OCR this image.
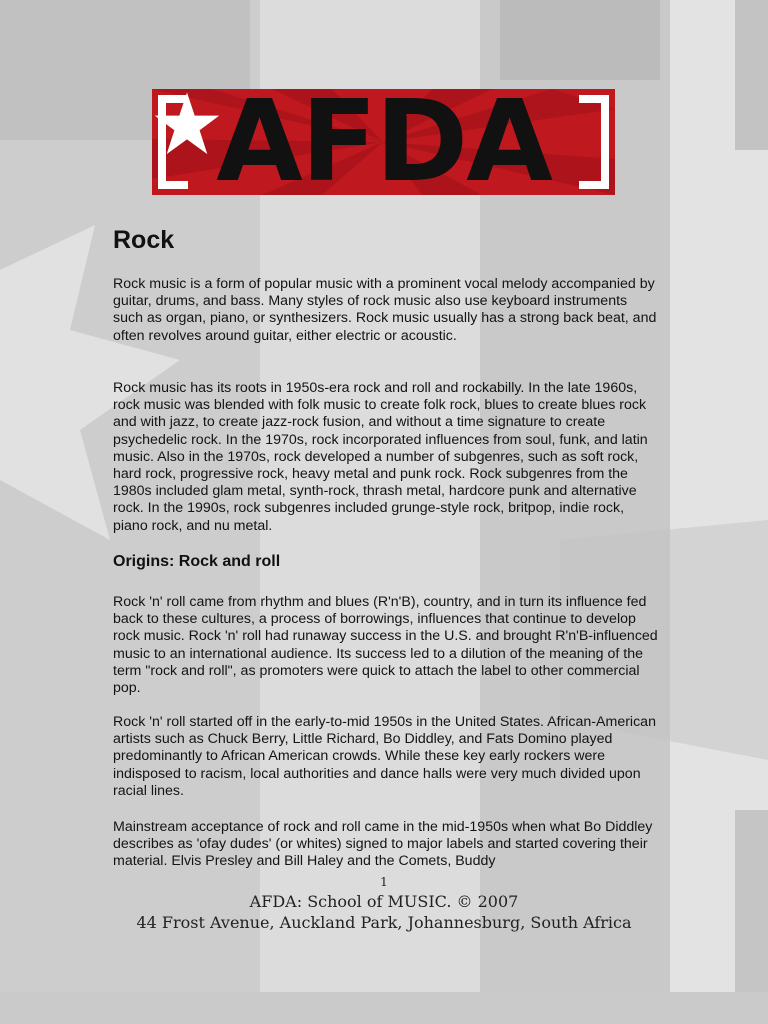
AFDA
Rock

Rock music is a form of popular music with a prominent vocal melody accompanied by guitar, drums, and bass. Many styles of rock music also use keyboard instruments such as organ, piano, or synthesizers. Rock music usually has a strong back beat, and often revolves around guitar, either electric or acoustic.

Rock music has its roots in 1950s-era rock and roll and rockabilly. In the late 1960s, rock music was blended with folk music to create folk rock, blues to create blues rock and with jazz, to create jazz-rock fusion, and without a time signature to create psychedelic rock. In the 1970s, rock incorporated influences from soul, funk, and latin music. Also in the 1970s, rock developed a number of subgenres, such as soft rock, hard rock, progressive rock, heavy metal and punk rock. Rock subgenres from the 1980s included glam metal, synth-rock, thrash metal, hardcore punk and alternative rock. In the 1990s, rock subgenres included grunge-style rock, britpop, indie rock, piano rock, and nu metal.

Origins: Rock and roll

Rock 'n' roll came from rhythm and blues (R'n'B), country, and in turn its influence fed back to these cultures, a process of borrowings, influences that continue to develop rock music. Rock 'n' roll had runaway success in the U.S. and brought R'n'B-influenced music to an international audience. Its success led to a dilution of the meaning of the term "rock and roll", as promoters were quick to attach the label to other commercial pop.

Rock 'n' roll started off in the early-to-mid 1950s in the United States. African-American artists such as Chuck Berry, Little Richard, Bo Diddley, and Fats Domino played predominantly to African American crowds. While these key early rockers were indisposed to racism, local authorities and dance halls were very much divided upon racial lines.

Mainstream acceptance of rock and roll came in the mid-1950s when what Bo Diddley describes as 'ofay dudes' (or whites) signed to major labels and started covering their material. Elvis Presley and Bill Haley and the Comets, Buddy

1
AFDA: School of MUSIC. © 2007
44 Frost Avenue, Auckland Park, Johannesburg, South Africa
